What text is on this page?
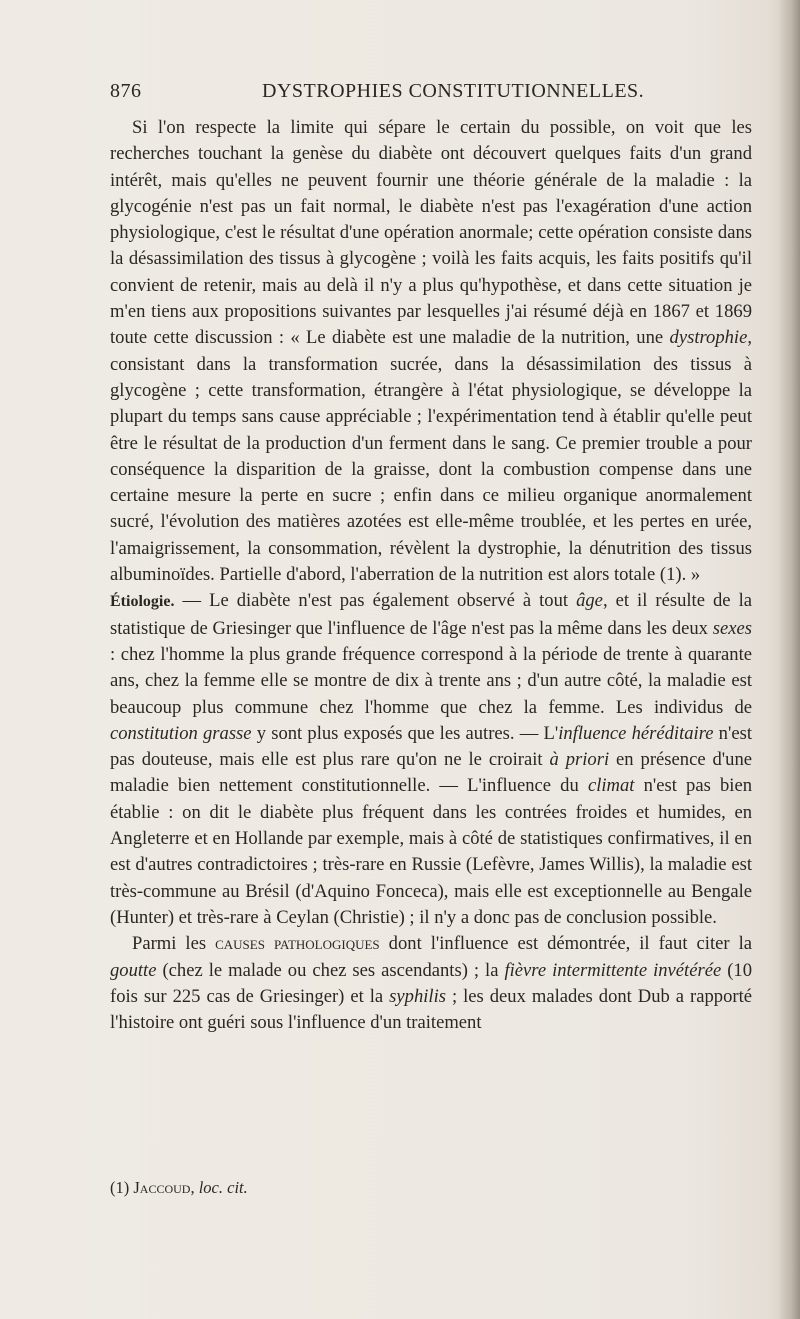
876	DYSTROPHIES CONSTITUTIONNELLES.

Si l'on respecte la limite qui sépare le certain du possible, on voit que les recherches touchant la genèse du diabète ont découvert quelques faits d'un grand intérêt, mais qu'elles ne peuvent fournir une théorie générale de la maladie : la glycogénie n'est pas un fait normal, le diabète n'est pas l'exagération d'une action physiologique, c'est le résultat d'une opération anormale; cette opération consiste dans la désassimilation des tissus à glycogène ; voilà les faits acquis, les faits positifs qu'il convient de retenir, mais au delà il n'y a plus qu'hypothèse, et dans cette situation je m'en tiens aux propositions suivantes par lesquelles j'ai résumé déjà en 1867 et 1869 toute cette discussion : « Le diabète est une maladie de la nutrition, une dystrophie, consistant dans la transformation sucrée, dans la désassimilation des tissus à glycogène ; cette transformation, étrangère à l'état physiologique, se développe la plupart du temps sans cause appréciable ; l'expérimentation tend à établir qu'elle peut être le résultat de la production d'un ferment dans le sang. Ce premier trouble a pour conséquence la disparition de la graisse, dont la combustion compense dans une certaine mesure la perte en sucre ; enfin dans ce milieu organique anormalement sucré, l'évolution des matières azotées est elle-même troublée, et les pertes en urée, l'amaigrissement, la consommation, révèlent la dystrophie, la dénutrition des tissus albuminoïdes. Partielle d'abord, l'aberration de la nutrition est alors totale (1). »

Étiologie. — Le diabète n'est pas également observé à tout âge, et il résulte de la statistique de Griesinger que l'influence de l'âge n'est pas la même dans les deux sexes : chez l'homme la plus grande fréquence correspond à la période de trente à quarante ans, chez la femme elle se montre de dix à trente ans ; d'un autre côté, la maladie est beaucoup plus commune chez l'homme que chez la femme. Les individus de constitution grasse y sont plus exposés que les autres. — L'influence héréditaire n'est pas douteuse, mais elle est plus rare qu'on ne le croirait à priori en présence d'une maladie bien nettement constitutionnelle. — L'influence du climat n'est pas bien établie : on dit le diabète plus fréquent dans les contrées froides et humides, en Angleterre et en Hollande par exemple, mais à côté de statistiques confirmatives, il en est d'autres contradictoires ; très-rare en Russie (Lefèvre, James Willis), la maladie est très-commune au Brésil (d'Aquino Fonceca), mais elle est exceptionnelle au Bengale (Hunter) et très-rare à Ceylan (Christie) ; il n'y a donc pas de conclusion possible.

Parmi les causes pathologiques dont l'influence est démontrée, il faut citer la goutte (chez le malade ou chez ses ascendants) ; la fièvre intermittente invétérée (10 fois sur 225 cas de Griesinger) et la syphilis ; les deux malades dont Dub a rapporté l'histoire ont guéri sous l'influence d'un traitement

(1) Jaccoud, loc. cit.
